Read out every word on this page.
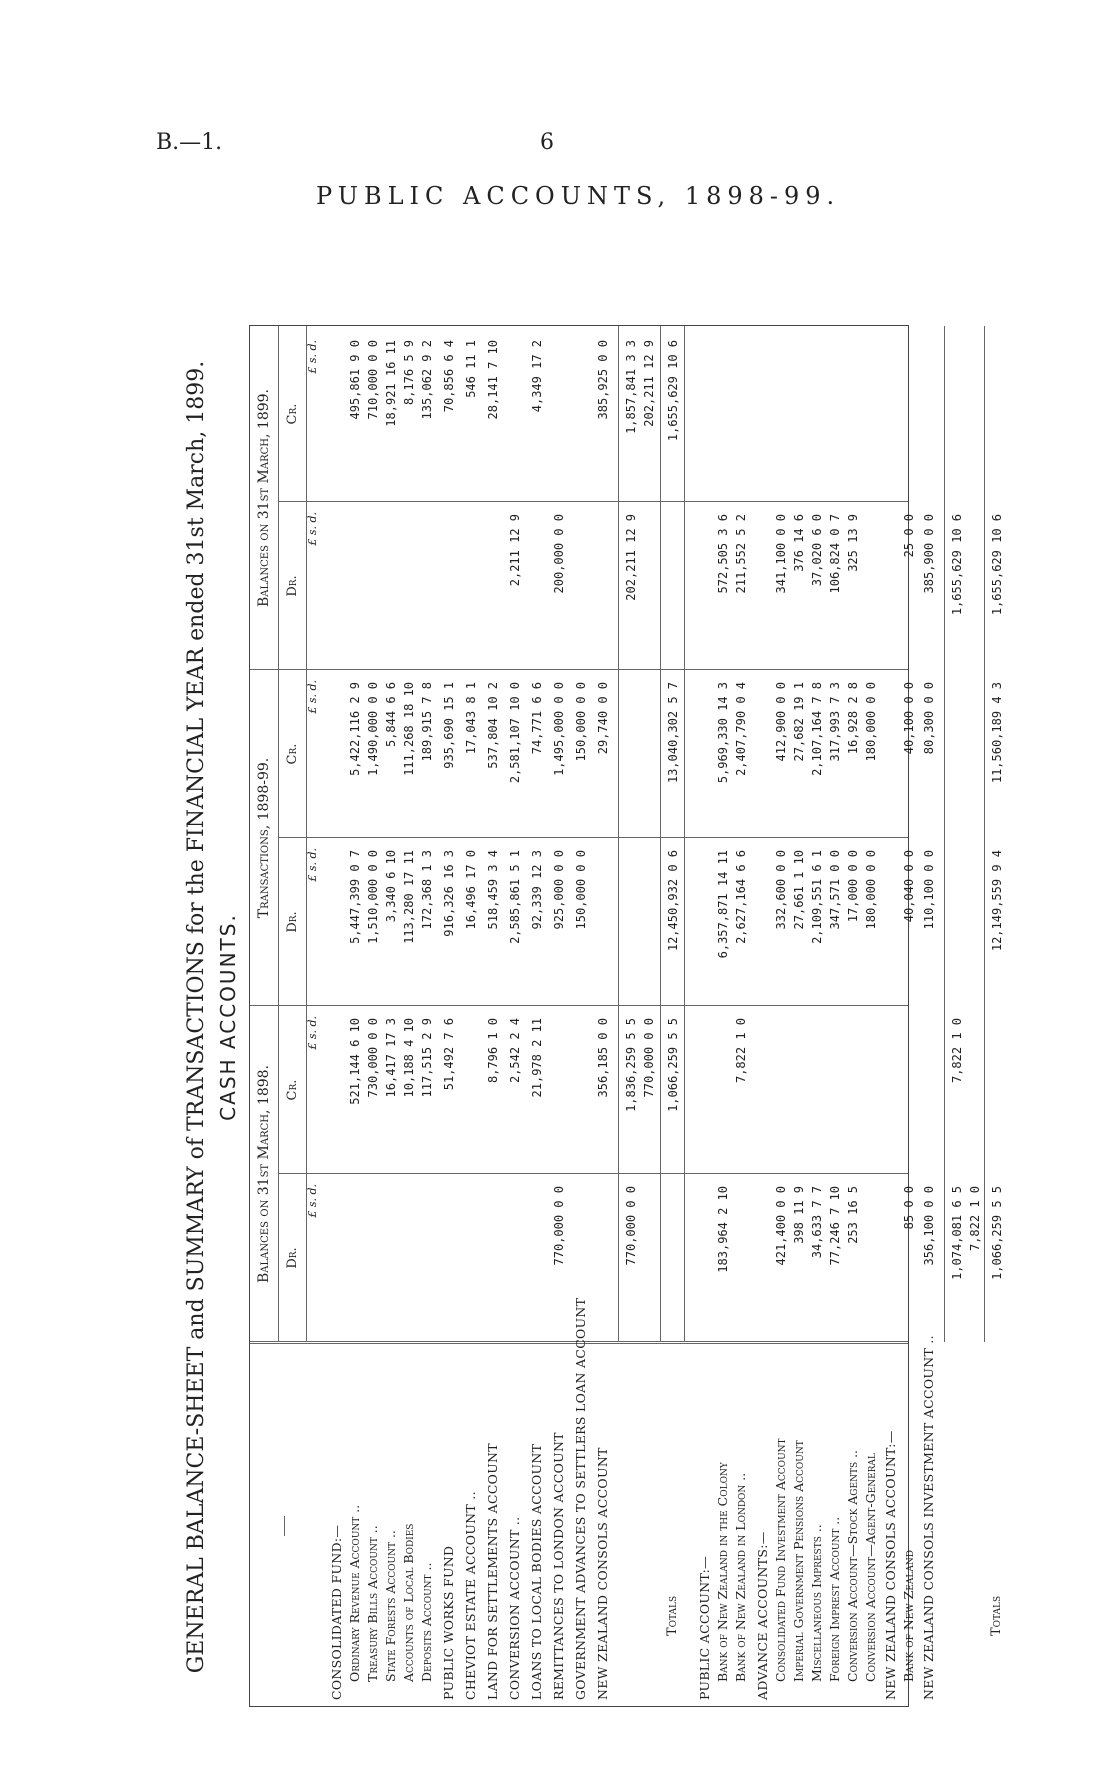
B.—1.	6
PUBLIC ACCOUNTS, 1898-99.
GENERAL BALANCE-SHEET and SUMMARY of TRANSACTIONS for the FINANCIAL YEAR ended 31st March, 1899. CASH ACCOUNTS.
Balances on 31st March, 1898.
Transactions, 1898-99.
Balances on 31st March, 1899.
Dr.
Cr.
Dr.
Cr.
Dr.
Cr.
£ s. d.
£ s. d.
£ s. d.
£ s. d.
£ s. d.
£ s. d.
CONSOLIDATED FUND:— Ordinary Revenue Account ..
521,144 6 10
5,447,399 0 7
5,422,116 2 9
495,861 9 0
Treasury Bills Account ..
730,000 0 0
1,510,000 0 0
1,490,000 0 0
710,000 0 0
State Forests Account ..
16,417 17 3
3,340 6 10
5,844 6 6
18,921 16 11
Accounts of Local Bodies
10,188 4 10
113,280 17 11
111,268 18 10
8,176 5 9
Deposits Account ..
117,515 2 9
172,368 1 3
189,915 7 8
135,062 9 2
PUBLIC WORKS FUND
51,492 7 6
916,326 16 3
935,690 15 1
70,856 6 4
CHEVIOT ESTATE ACCOUNT ..
16,496 17 0
17,043 8 1
546 11 1
LAND FOR SETTLEMENTS ACCOUNT
8,796 1 0
518,459 3 4
537,804 10 2
28,141 7 10
CONVERSION ACCOUNT ..
2,542 2 4
2,585,861 5 1
2,581,107 10 0
2,211 12 9
LOANS TO LOCAL BODIES ACCOUNT
21,978 2 11
92,339 12 3
74,771 6 6
4,349 17 2
REMITTANCES TO LONDON ACCOUNT
770,000 0 0
925,000 0 0
1,495,000 0 0
200,000 0 0
GOVERNMENT ADVANCES TO SETTLERS LOAN ACCOUNT
150,000 0 0
150,000 0 0
NEW ZEALAND CONSOLS ACCOUNT
356,185 0 0
29,740 0 0
385,925 0 0
770,000 0 0
1,836,259 5 5
202,211 12 9
1,857,841 3 3
770,000 0 0
202,211 12 9
Totals
1,066,259 5 5
12,450,932 0 6
13,040,302 5 7
1,655,629 10 6
PUBLIC ACCOUNT:— Bank of New Zealand in the Colony
183,964 2 10
6,357,871 14 11
5,969,330 14 3
572,505 3 6
Bank of New Zealand in London ..
7,822 1 0
2,627,164 6 6
2,407,790 0 4
211,552 5 2
ADVANCE ACCOUNTS:— Consolidated Fund Investment Account
421,400 0 0
332,600 0 0
412,900 0 0
341,100 0 0
Imperial Government Pensions Account
398 11 9
27,661 1 10
27,682 19 1
376 14 6
Miscellaneous Imprests ..
34,633 7 7
2,109,551 6 1
2,107,164 7 8
37,020 6 0
Foreign Imprest Account ..
77,246 7 10
347,571 0 0
317,993 7 3
106,824 0 7
Conversion Account—Stock Agents ..
253 16 5
17,000 0 0
16,928 2 8
325 13 9
Conversion Account—Agent-General
180,000 0 0
180,000 0 0
NEW ZEALAND CONSOLS ACCOUNT:— Bank of New Zealand
85 0 0
40,040 0 0
40,100 0 0
25 0 0
NEW ZEALAND CONSOLS INVESTMENT ACCOUNT ..
356,100 0 0
110,100 0 0
80,300 0 0
385,900 0 0
1,074,081 6 5
7,822 1 0
1,655,629 10 6
7,822 1 0
Totals
1,066,259 5 5
12,149,559 9 4
11,560,189 4 3
1,655,629 10 6
